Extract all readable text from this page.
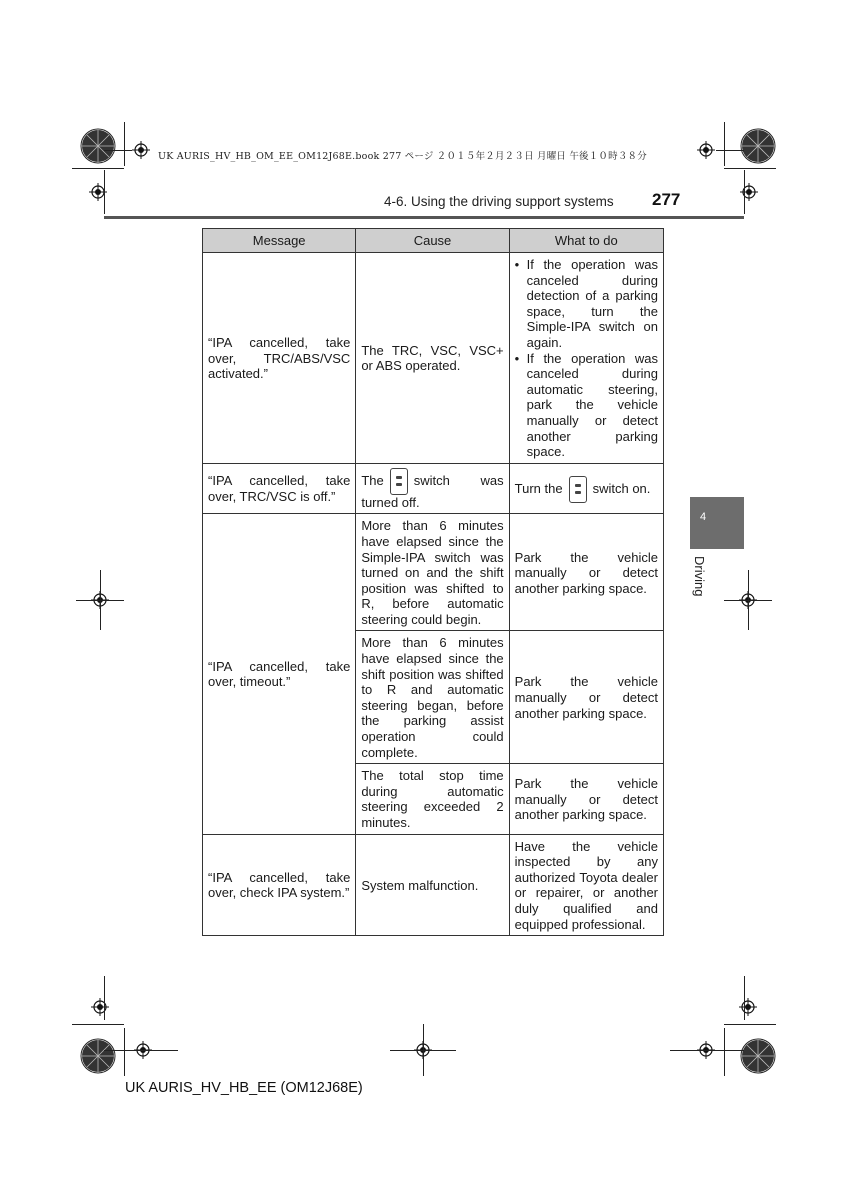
UK AURIS_HV_HB_OM_EE_OM12J68E.book 277 ページ ２０１５年２月２３日 月曜日 午後１０時３８分
4-6. Using the driving support systems 277
4
Driving
Message	Cause	What to do
“IPA cancelled, take over, TRC/ABS/VSC activated.”	The TRC, VSC, VSC+ or ABS operated.	• If the operation was canceled during detection of a parking space, turn the Simple-IPA switch on again.
• If the operation was canceled during automatic steering, park the vehicle manually or detect another parking space.

“IPA cancelled, take over, TRC/VSC is off.”	The switch was turned off.	Turn the switch on.
“IPA cancelled, take over, timeout.”	More than 6 minutes have elapsed since the Simple-IPA switch was turned on and the shift position was shifted to R, before automatic steering could begin.	Park the vehicle manually or detect another parking space.
	More than 6 minutes have elapsed since the shift position was shifted to R and automatic steering began, before the parking assist operation could complete.	Park the vehicle manually or detect another parking space.
	The total stop time during automatic steering exceeded 2 minutes.	Park the vehicle manually or detect another parking space.
“IPA cancelled, take over, check IPA system.”	System malfunction.	Have the vehicle inspected by any authorized Toyota dealer or repairer, or another duly qualified and equipped professional.
UK AURIS_HV_HB_EE (OM12J68E)
